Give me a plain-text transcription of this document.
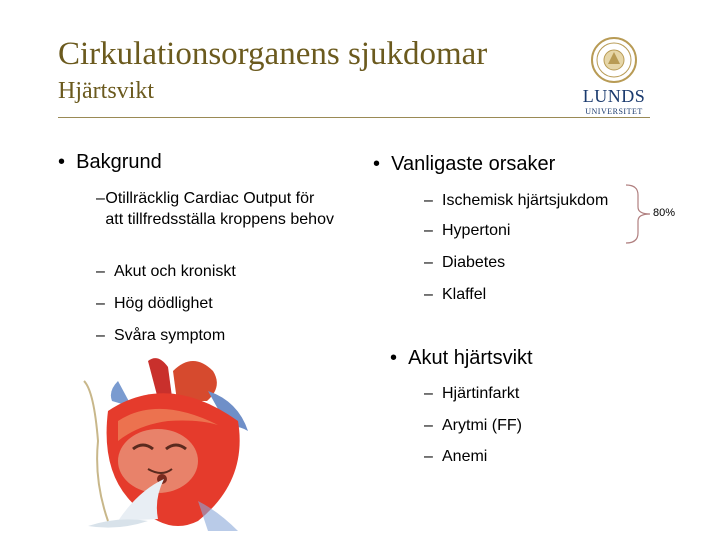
Cirkulationsorganens sjukdomar
Hjärtsvikt	LUNDS
UNIVERSITET
•  Bakgrund
– Otillräcklig Cardiac Output för att tillfredsställa kroppens behov
– Akut och kroniskt
– Hög dödlighet
– Svåra symptom
•  Vanligaste orsaker
– Ischemisk hjärtsjukdom
– Hypertoni
– Diabetes
– Klaffel
80%
•  Akut hjärtsvikt
– Hjärtinfarkt
– Arytmi (FF)
– Anemi
